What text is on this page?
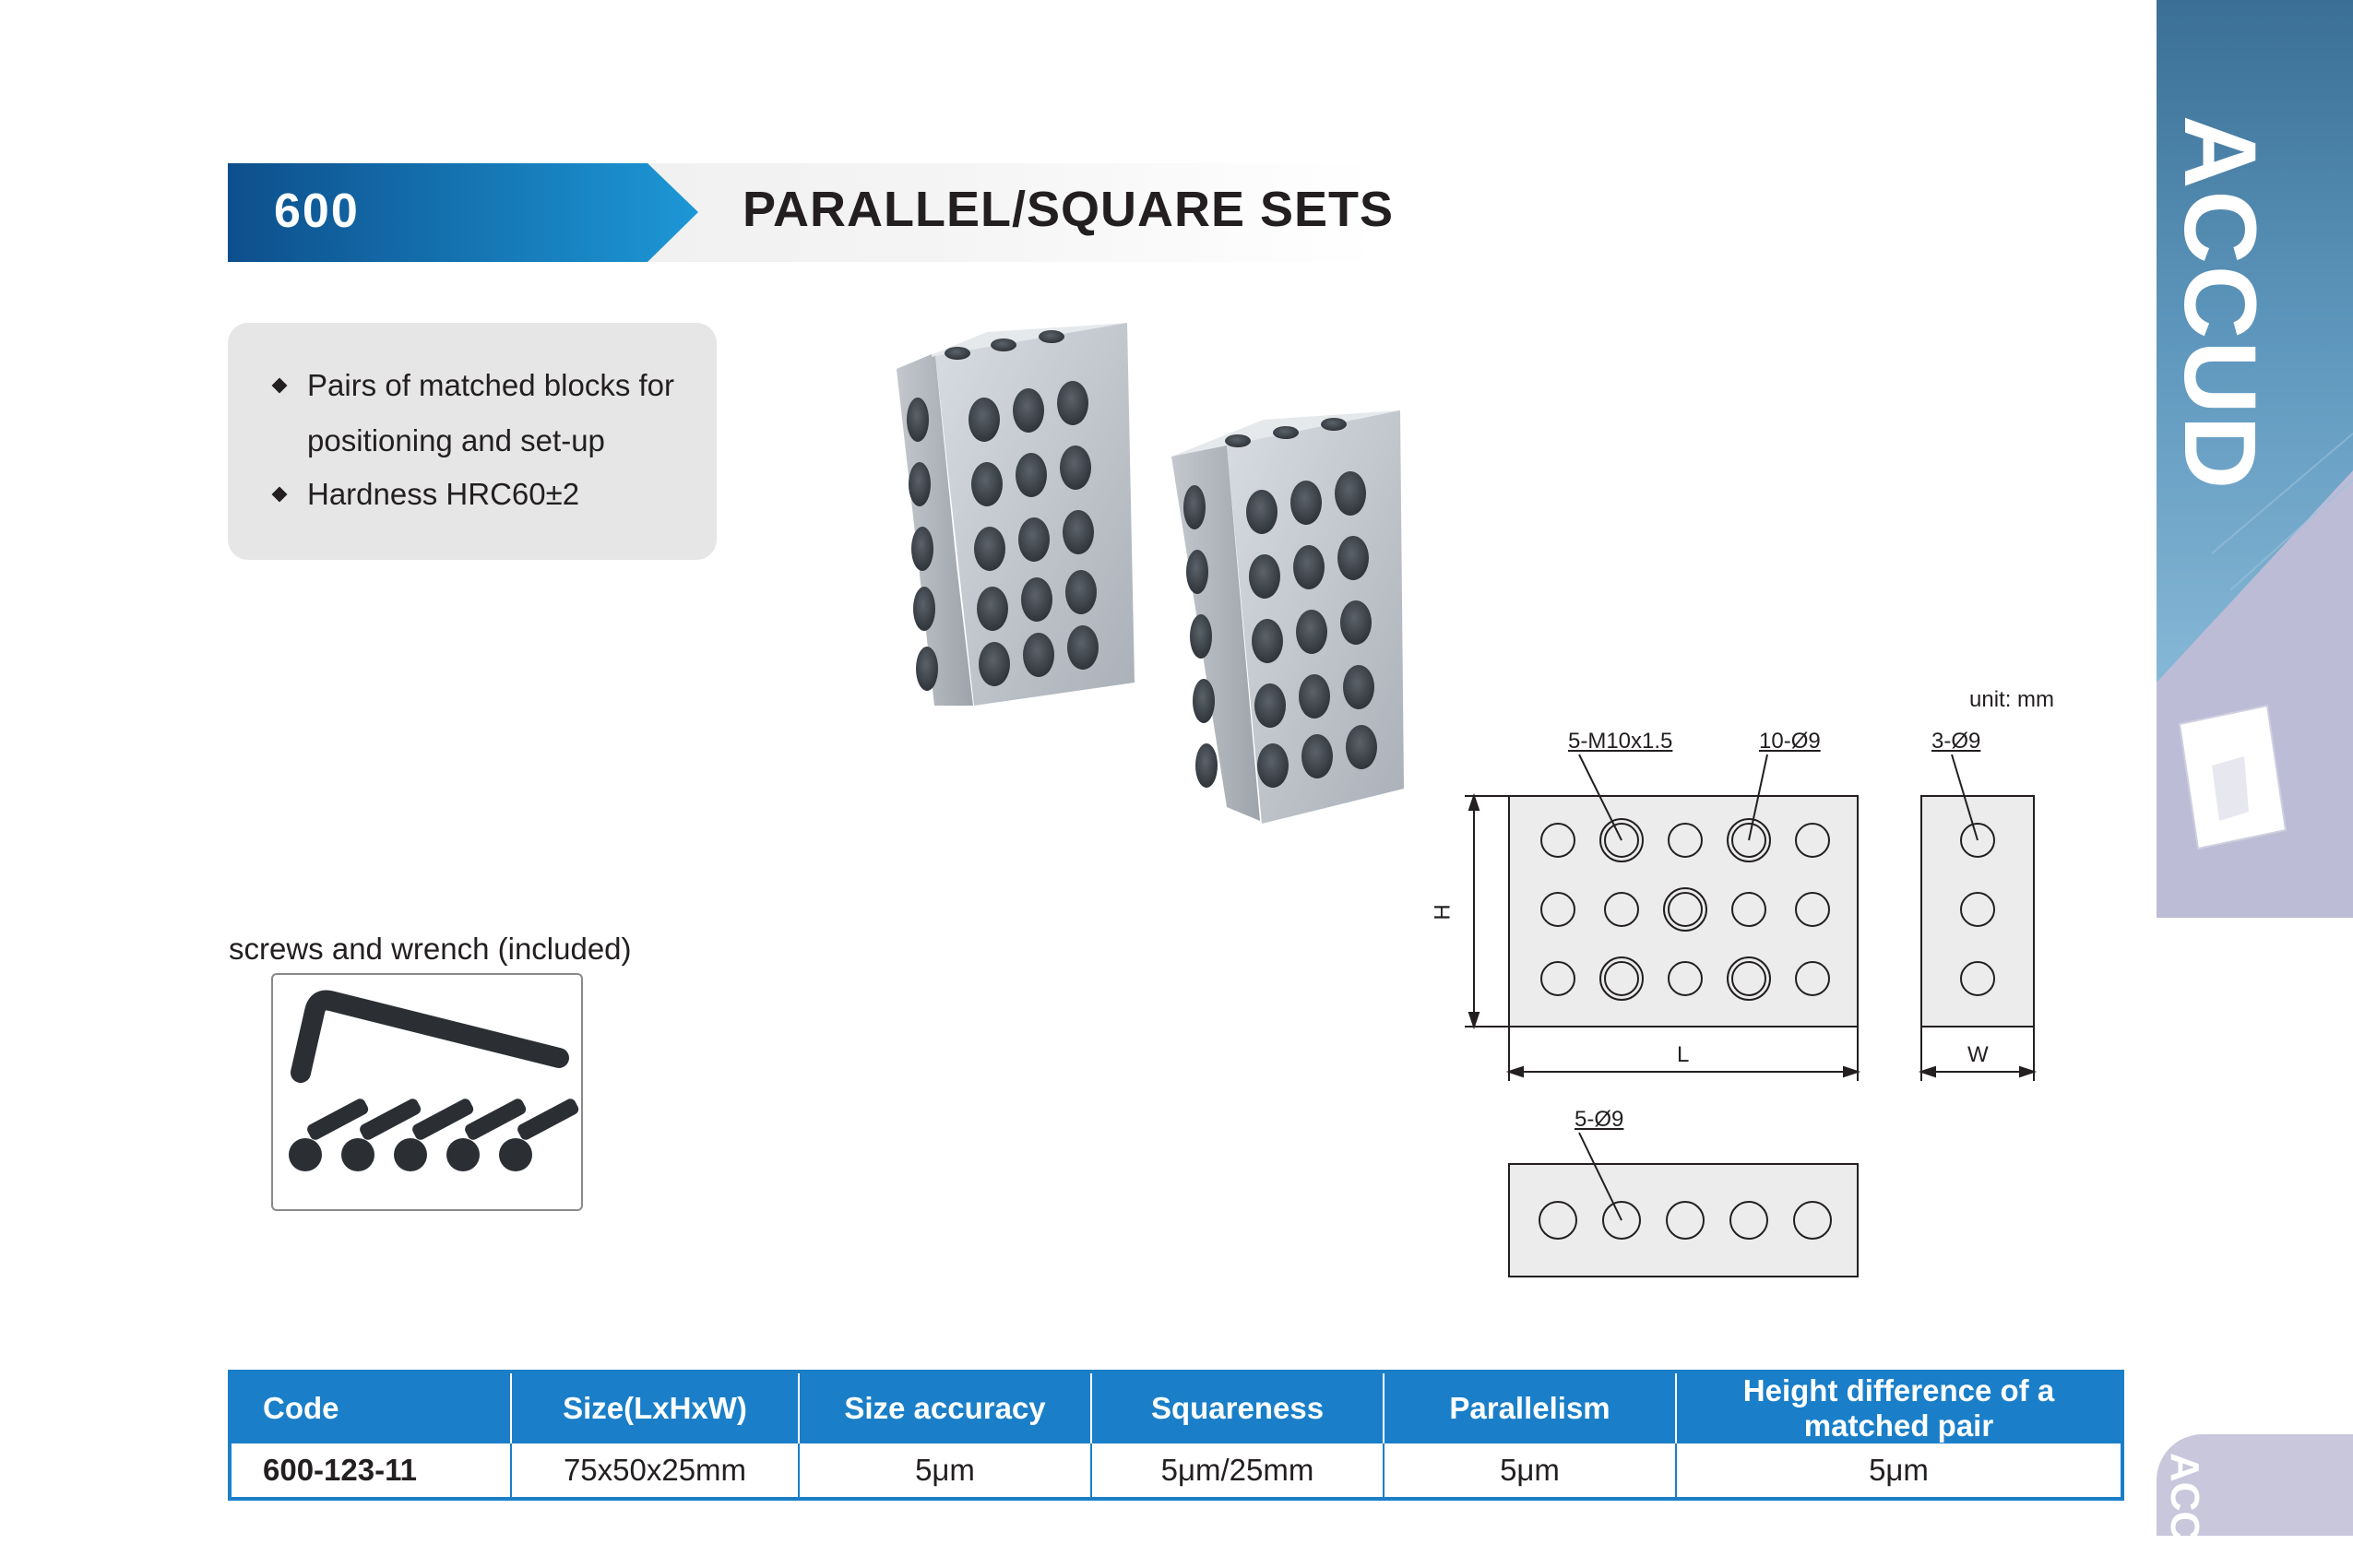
600	PARALLEL/SQUARE SETS
Pairs of matched blocks for
positioning and set-up
Hardness HRC60±2
screws and wrench (included)
unit: mm
5-M10x1.5	10-Ø9	3-Ø9
5-Ø9
H
L	W
ACCUD
ACCE
Code	Size(LxHxW)	Size accuracy	Squareness	Parallelism	Height difference of a matched pair
600-123-11	75x50x25mm	5μm	5μm/25mm	5μm	5μm
